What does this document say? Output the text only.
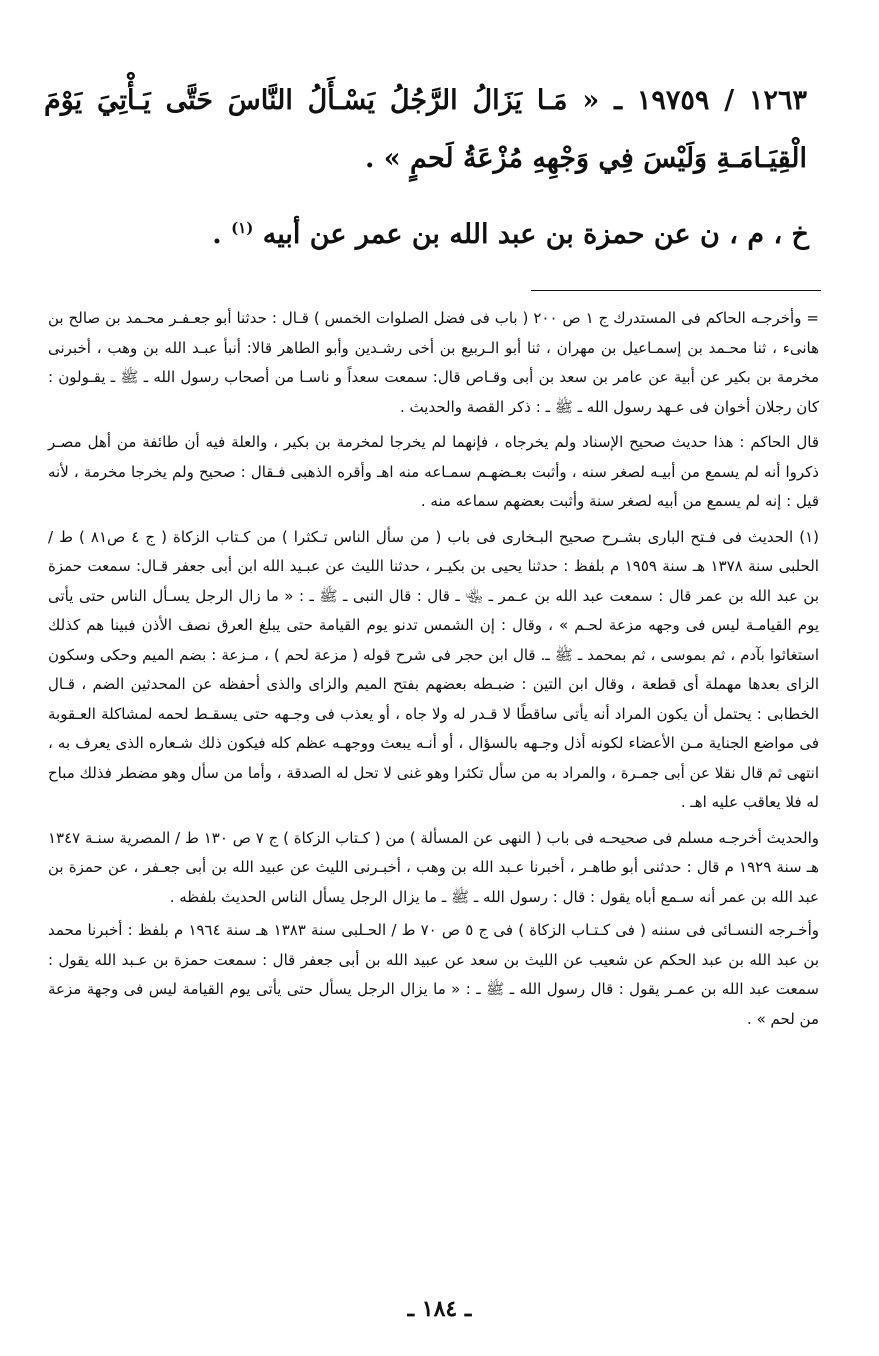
١٢٦٣ / ١٩٧٥٩ ـ « مَـا يَزَالُ الرَّجُلُ يَسْـأَلُ النَّاسَ حَتَّى يَـأْتِيَ يَوْمَ الْقِيَـامَـةِ وَلَيْسَ فِي وَجْهِهِ مُزْعَةُ لَحمٍ » .
خ ، م ، ن عن حمزة بن عبد الله بن عمر عن أبيه $^{(١)}$ .

= وأخرجـه الحاكم فى المستدرك ج ١ ص ٢٠٠ ( باب فى فضل الصلوات الخمس ) قـال : حدثنا أبو جعـفـر محـمد بن صالح بن هانىء ، ثنا محـمد بن إسمـاعيل بن مهران ، ثنا أبو الـربيع بن أخى رشـدين وأبو الطاهر قالا: أنبأ عبـد الله بن وهب ، أخبرنى مخرمة بن بكير عن أبية عن عامر بن سعد بن أبى وقـاص قال: سمعت سعداً و ناسـا من أصحاب رسول الله ـ ﷺ ـ يقـولون : كان رجلان أخوان فى عـهد رسول الله ـ ﷺ ـ : ذكر القصة والحديث .

قال الحاكم : هذا حديث صحيح الإسناد ولم يخرجاه ، فإنهما لم يخرجا لمخرمة بن بكير ، والعلة فيه أن طائفة من أهل مصـر ذكروا أنه لم يسمع من أبيـه لصغر سنه ، وأثبت بعـضهـم سمـاعه منه اهـ وأقره الذهبى فـقال : صحيح ولم يخرجا مخرمة ، لأنه قيل : إنه لم يسمع من أبيه لصغر سنة وأثبت بعضهم سماعه منه .

(١) الحديث فى فـتح البارى بشـرح صحيح البـخارى فى باب ( من سأل الناس تـكثرا ) من كـتاب الزكاة ( ج ٤ ص٨١ ) ط / الحلبى سنة ١٣٧٨ هـ سنة ١٩٥٩ م بلفظ : حدثنا يحيى بن بكيـر ، حدثنا الليث عن عبـيد الله ابن أبى جعفر قـال: سمعت حمزة بن عبد الله بن عمر قال : سمعت عبد الله بن عـمر ـ ﵄ ـ قال : قال النبى ـ ﷺ ـ : « ما زال الرجل يسـأل الناس حتى يأتى يوم القيامـة ليس فى وجهه مزعة لحـم » ، وقال : إن الشمس تدنو يوم القيامة حتى يبلغ العرق نصف الأذن فبينا هم كذلك استغاثوا بآدم ، ثم بموسى ، ثم بمحمد ـ ﷺ ـ. قال ابن حجر فى شرح قوله ( مزعة لحم ) ، مـزعة : بضم الميم وحكى وسكون الزاى بعدها مهملة أى قطعة ، وقال ابن التين : ضبـطه بعضهم بفتح الميم والزاى والذى أحفظه عن المحدثين الضم ، قـال الخطابى : يحتمل أن يكون المراد أنه يأتى ساقطًا لا قـدر له ولا جاه ، أو يعذب فى وجـهه حتى يسقـط لحمه لمشاكلة العـقوبة فى مواضع الجناية مـن الأعضاء لكونه أذل وجـهه بالسؤال ، أو أنـه يبعث ووجهـه عظم كله فيكون ذلك شـعاره الذى يعرف به ، انتهى ثم قال نقلا عن أبى جمـرة ، والمراد به من سأل تكثرا وهو غنى لا تحل له الصدقة ، وأما من سأل وهو مضطر فذلك مباح له فلا يعاقب عليه اهـ .

والحديث أخرجـه مسلم فى صحيحـه فى باب ( النهى عن المسألة ) من ( كـتاب الزكاة ) ج ٧ ص ١٣٠ ط / المصرية سنـة ١٣٤٧ هـ سنة ١٩٢٩ م قال : حدثنى أبو طاهـر ، أخبرنا عـبد الله بن وهب ، أخبـرنى الليث عن عبيد الله بن أبى جعـفر ، عن حمزة بن عبد الله بن عمر أنه سـمع أباه يقول : قال : رسول الله ـ ﷺ ـ ما يزال الرجل يسأل الناس الحديث بلفظه .

وأخـرجه النسـائى فى سننه ( فى كـتـاب الزكاة ) فى ج ٥ ص ٧٠ ط / الحـلبى سنة ١٣٨٣ هـ سنة ١٩٦٤ م بلفظ : أخبرنا محمد بن عبد الله بن عبد الحكم عن شعيب عن الليث بن سعد عن عبيد الله بن أبى جعفر قال : سمعت حمزة بن عـبد الله يقول : سمعت عبد الله بن عمـر يقول : قال رسول الله ـ ﷺ ـ : « ما يزال الرجل يسأل حتى يأتى يوم القيامة ليس فى وجهة مزعة من لحم » .

ـ ١٨٤ ـ
